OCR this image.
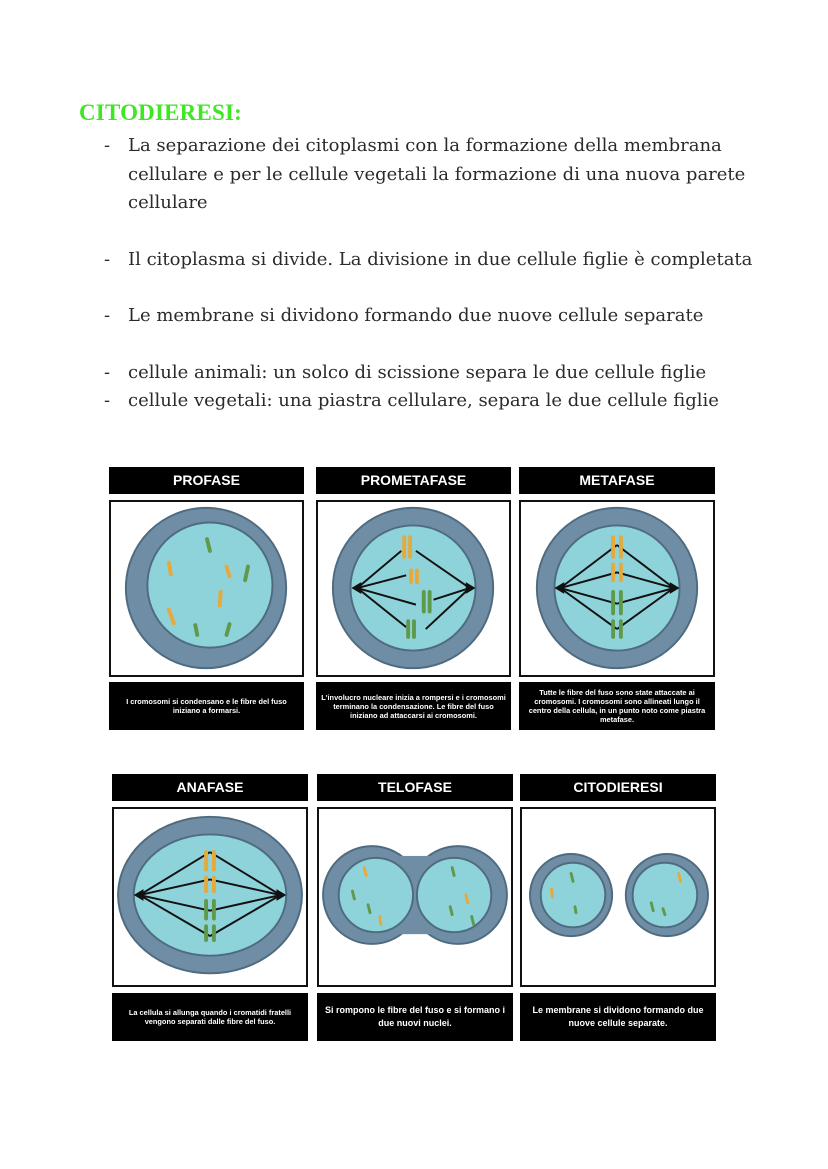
CITODIERESI:
- La separazione dei citoplasmi con la formazione della membrana cellulare e per le cellule vegetali la formazione di una nuova parete cellulare
- Il citoplasma si divide. La divisione in due cellule figlie è completata
- Le membrane si dividono formando due nuove cellule separate
- cellule animali: un solco di scissione separa le due cellule figlie
- cellule vegetali: una piastra cellulare, separa le due cellule figlie
PROFASE
I cromosomi si condensano e le fibre del fuso iniziano a formarsi.
PROMETAFASE
L'involucro nucleare inizia a rompersi e i cromosomi terminano la condensazione. Le fibre del fuso iniziano ad attaccarsi ai cromosomi.
METAFASE
Tutte le fibre del fuso sono state attaccate ai cromosomi. I cromosomi sono allineati lungo il centro della cellula, in un punto noto come piastra metafase.
ANAFASE
La cellula si allunga quando i cromatidi fratelli vengono separati dalle fibre del fuso.
TELOFASE
Si rompono le fibre del fuso e si formano i due nuovi nuclei.
CITODIERESI
Le membrane si dividono formando due nuove cellule separate.
